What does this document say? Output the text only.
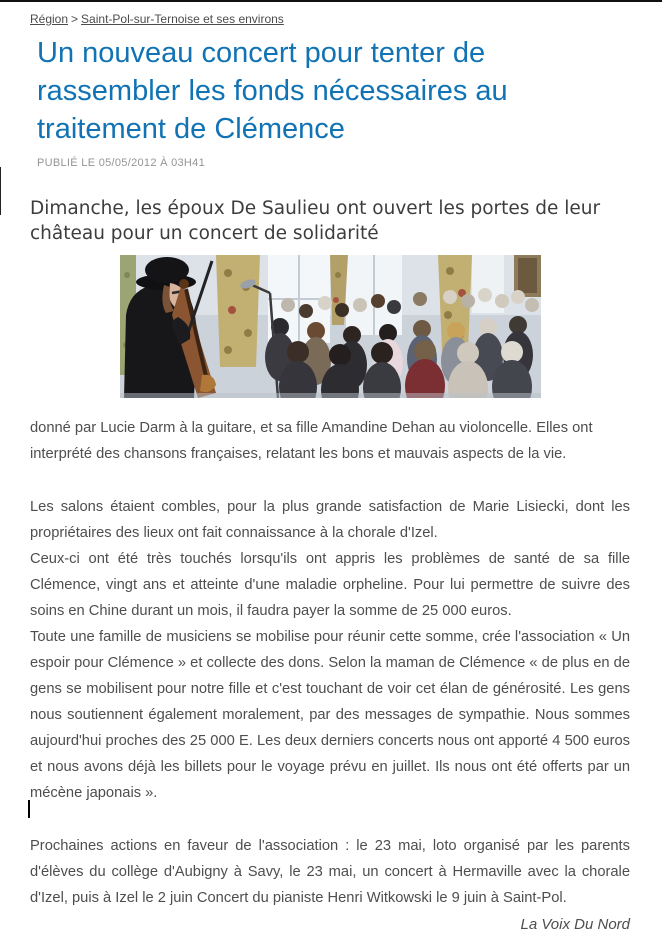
Région > Saint-Pol-sur-Ternoise et ses environs
Un nouveau concert pour tenter de rassembler les fonds nécessaires au traitement de Clémence
PUBLIÉ LE 05/05/2012 À 03H41
Dimanche, les époux De Saulieu ont ouvert les portes de leur château pour un concert de solidarité
donné par Lucie Darm à la guitare, et sa fille Amandine Dehan au violoncelle. Elles ont interprété des chansons françaises, relatant les bons et mauvais aspects de la vie.

Les salons étaient combles, pour la plus grande satisfaction de Marie Lisiecki, dont les propriétaires des lieux ont fait connaissance à la chorale d'Izel.

Ceux-ci ont été très touchés lorsqu'ils ont appris les problèmes de santé de sa fille Clémence, vingt ans et atteinte d'une maladie orpheline. Pour lui permettre de suivre des soins en Chine durant un mois, il faudra payer la somme de 25 000 euros.

Toute une famille de musiciens se mobilise pour réunir cette somme, crée l'association « Un espoir pour Clémence » et collecte des dons. Selon la maman de Clémence « de plus en de gens se mobilisent pour notre fille et c'est touchant de voir cet élan de générosité. Les gens nous soutiennent également moralement, par des messages de sympathie. Nous sommes aujourd'hui proches des 25 000 E. Les deux derniers concerts nous ont apporté 4 500 euros et nous avons déjà les billets pour le voyage prévu en juillet. Ils nous ont été offerts par un mécène japonais ».

Prochaines actions en faveur de l'association : le 23 mai, loto organisé par les parents d'élèves du collège d'Aubigny à Savy, le 23 mai, un concert à Hermaville avec la chorale d'Izel, puis à Izel le 2 juin Concert du pianiste Henri Witkowski le 9 juin à Saint-Pol.
La Voix Du Nord
